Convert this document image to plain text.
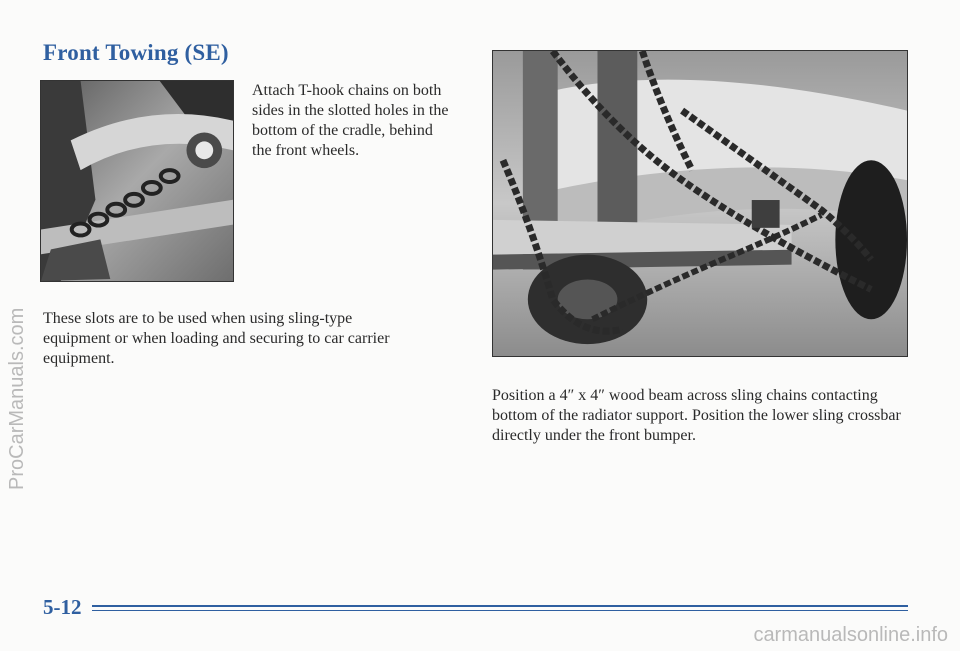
Front Towing (SE)

Attach T-hook chains on both sides in the slotted holes in the bottom of the cradle, behind the front wheels.

These slots are to be used when using sling-type equipment or when loading and securing to car carrier equipment.

Position a 4″ x 4″ wood beam across sling chains contacting bottom of the radiator support. Position the lower sling crossbar directly under the front bumper.

5-12
ProCarManuals.com
carmanualsonline.info
